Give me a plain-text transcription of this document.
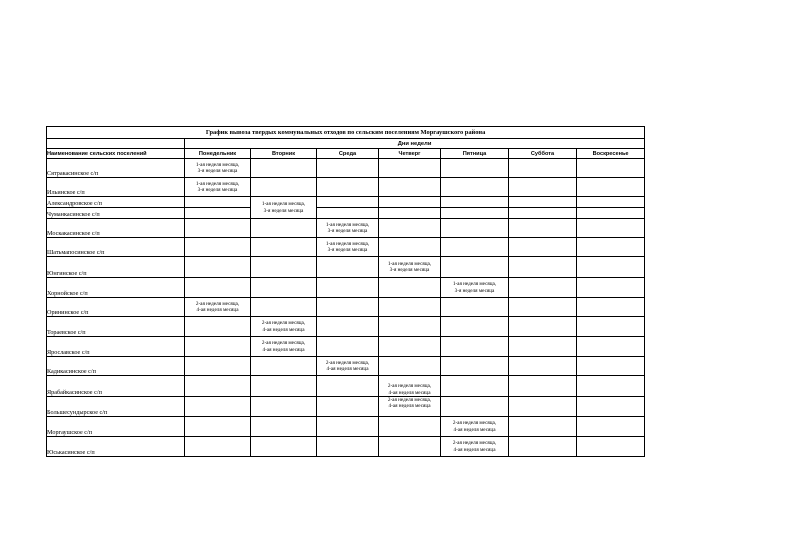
График вывоза твердых коммунальных отходов по сельским поселениям Моргаушского района							
	Дни недели						
Наименование сельских поселений	Понедельник	Вторник	Среда	Четверг	Пятница	Суббота	Воскресенье
Сятракасинское с/п	1-ая неделя месяца,
3-я неделя месяца						

Ильинское с/п	1-ая неделя месяца,
3-я неделя месяца						

Александровское с/п		1-ая неделя месяца,
3-я неделя месяца					

Чуманкасинское с/п							
Москакасинское с/п			1-ая неделя месяца,
3-я неделя месяца				

Шатьмапосинское с/п			1-ая неделя месяца,
3-я неделя месяца				

Юнгинское с/п				1-ая неделя месяца,
3-я неделя месяца			

Хорнойское с/п					1-ая неделя месяца,
3-я неделя месяца		

Орининское с/п	2-ая неделя месяца,
4-ая неделя месяца						

Тораевское с/п		2-ая неделя месяца,
4-ая неделя месяца					

Ярославское с/п		2-ая неделя месяца,
4-ая неделя месяца					

Кадикасинское с/п			2-ая неделя месяца,
4-ая неделя месяца				

Ярабайкасинское с/п				2-ая неделя месяца,
4-ая неделя месяца			

Большесундырское с/п				2-ая неделя месяца,
4-ая неделя месяца			

Моргаушское с/п					2-ая неделя месяца,
4-ая неделя месяца		

Юськасинское с/п					2-ая неделя месяца,
4-ая неделя месяца		
